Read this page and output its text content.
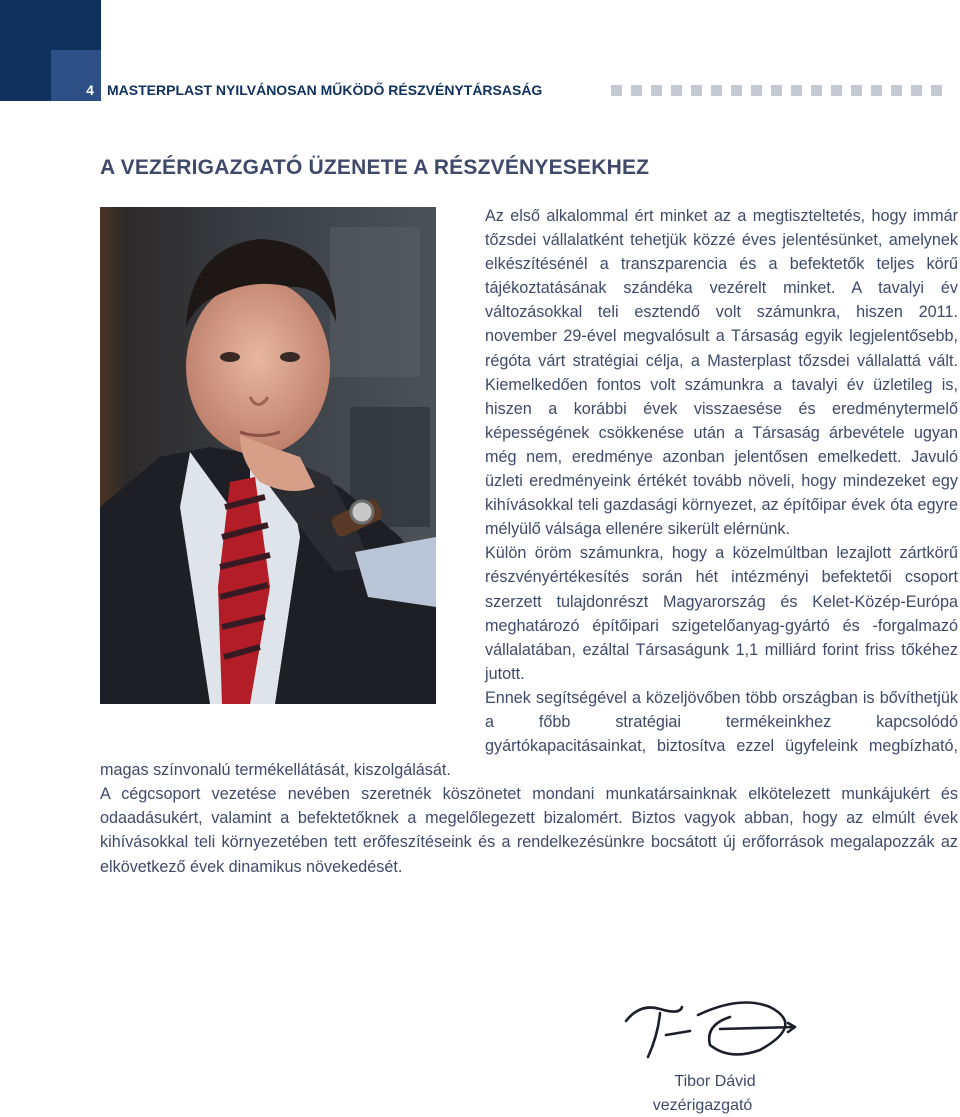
4 MASTERPLAST NYILVÁNOSAN MŰKÖDŐ RÉSZVÉNYTÁRSASÁG
A VEZÉRIGAZGATÓ ÜZENETE A RÉSZVÉNYESEKHEZ

Az első alkalommal ért minket az a megtiszteltetés, hogy immár tőzsdei vállalatként tehetjük közzé éves jelentésünket, amelynek elkészítésénél a transzparencia és a befektetők teljes körű tájékoztatásának szándéka vezérelt minket. A tavalyi év változásokkal teli esztendő volt számunkra, hiszen 2011. november 29-ével megvalósult a Társaság egyik legjelentősebb, régóta várt stratégiai célja, a Masterplast tőzsdei vállalattá vált. Kiemelkedően fontos volt számunkra a tavalyi év üzletileg is, hiszen a korábbi évek visszaesése és eredménytermelő képességének csökkenése után a Társaság árbevétele ugyan még nem, eredménye azonban jelentősen emelkedett. Javuló üzleti eredményeink értékét tovább növeli, hogy mindezeket egy kihívásokkal teli gazdasági környezet, az építőipar évek óta egyre mélyülő válsága ellenére sikerült elérnünk.

Külön öröm számunkra, hogy a közelmúltban lezajlott zártkörű részvényértékesítés során hét intézményi befektetői csoport szerzett tulajdonrészt Magyarország és Kelet-Közép-Európa meghatározó építőipari szigetelőanyag-gyártó és -forgalmazó vállalatában, ezáltal Társaságunk 1,1 milliárd forint friss tőkéhez jutott.

Ennek segítségével a közeljövőben több országban is bővíthetjük a főbb stratégiai termékeinkhez kapcsolódó gyártókapacitásainkat, biztosítva ezzel ügyfeleink megbízható, magas színvonalú termékellátását, kiszolgálását.

A cégcsoport vezetése nevében szeretnék köszönetet mondani munkatársainknak elkötelezett munkájukért és odaadásukért, valamint a befektetőknek a megelőlegezett bizalomért. Biztos vagyok abban, hogy az elmúlt évek kihívásokkal teli környezetében tett erőfeszítéseink és a rendelkezésünkre bocsátott új erőforrások megalapozzák az elkövetkező évek dinamikus növekedését.

Tibor Dávid
vezérigazgató
